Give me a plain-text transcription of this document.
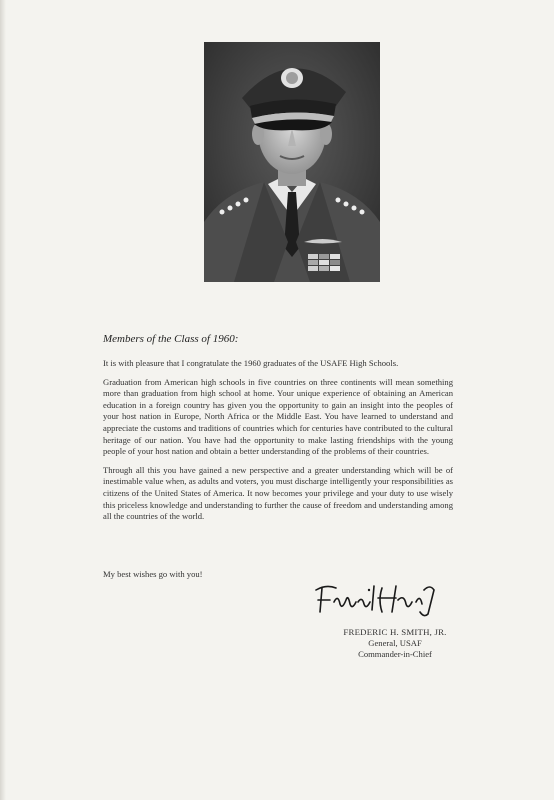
Members of the Class of 1960:

It is with pleasure that I congratulate the 1960 graduates of the USAFE High Schools.

Graduation from American high schools in five countries on three continents will mean something more than graduation from high school at home. Your unique experience of obtaining an American education in a foreign country has given you the opportunity to gain an insight into the peoples of your host nation in Europe, North Africa or the Middle East. You have learned to understand and appreciate the customs and traditions of countries which for centuries have contributed to the cultural heritage of our nation. You have had the opportunity to make lasting friendships with the young people of your host nation and obtain a better understanding of the problems of their countries.

Through all this you have gained a new perspective and a greater understanding which will be of inestimable value when, as adults and voters, you must discharge intelligently your responsibilities as citizens of the United States of America. It now becomes your privilege and your duty to use wisely this priceless knowledge and understanding to further the cause of freedom and understanding among all the countries of the world.

My best wishes go with you!
FREDERIC H. SMITH, JR.
General, USAF
Commander-in-Chief
